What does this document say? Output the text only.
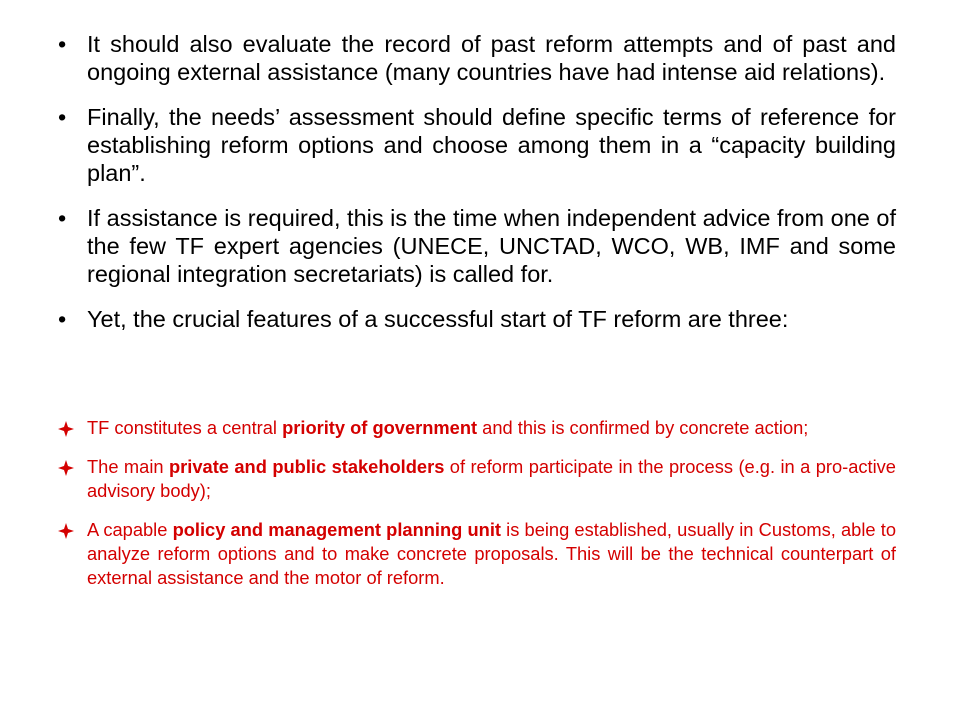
• It should also evaluate the record of past reform attempts and of past and ongoing external assistance (many countries have had intense aid relations).
• Finally, the needs’ assessment should define specific terms of reference for establishing reform options and choose among them in a “capacity building plan”.
• If assistance is required, this is the time when independent advice from one of the few TF expert agencies (UNECE, UNCTAD, WCO, WB, IMF and some regional integration secretariats) is called for.
• Yet, the crucial features of a successful start of TF reform are three:
TF constitutes a central priority of government and this is confirmed by concrete action;
The main private and public stakeholders of reform participate in the process (e.g. in a pro-active advisory body);
A capable policy and management planning unit is being established, usually in Customs, able to analyze reform options and to make concrete proposals. This will be the technical counterpart of external assistance and the motor of reform.
